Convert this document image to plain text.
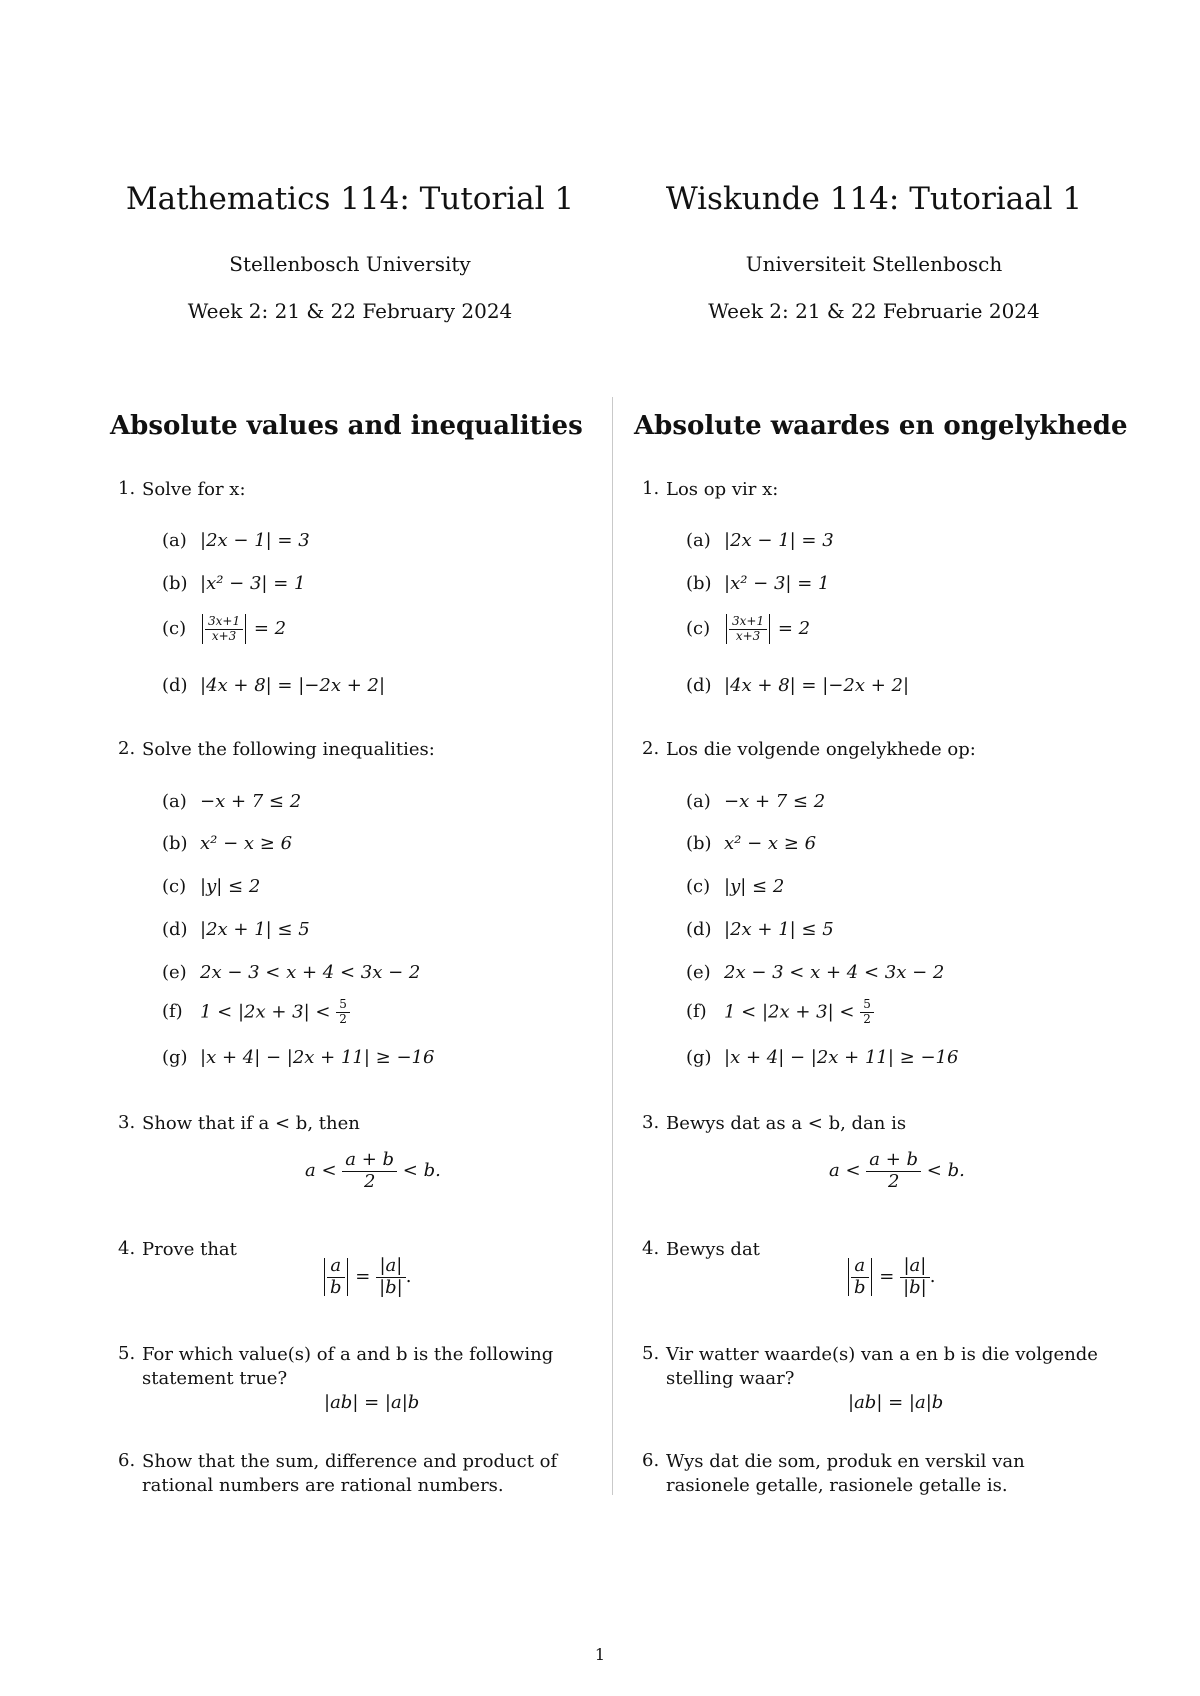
Mathematics 114: Tutorial 1
Stellenbosch University
Week 2: 21 & 22 February 2024
Absolute values and inequalities
1. Solve for x:
(a) |2x − 1| = 3
(b) |x² − 3| = 1
$(c) \frac{3x+1}{x+3} = 2$
(d) |4x + 8| = |−2x + 2|
2. Solve the following inequalities:
(a) −x + 7 ≤ 2
(b) x² − x ≥ 6
(c) |y| ≤ 2
(d) |2x + 1| ≤ 5
(e) 2x − 3 < x + 4 < 3x − 2
(f) $1 < |2x + 3| < \frac{5}{2}$
(g) |x + 4| − |2x + 11| ≥ −16
3. Show that if a < b, then
$a < \frac{a + b}{2} < b$.
4. Prove that
$\frac{a}{b} = \frac{|a|}{|b|}$ .
5. For which value(s) of a and b is the following statement true?
|ab| = |a|b
6. Show that the sum, difference and product of rational numbers are rational numbers.
Wiskunde 114: Tutoriaal 1
Universiteit Stellenbosch
Week 2: 21 & 22 Februarie 2024
Absolute waardes en ongelykhede
1. Los op vir x:
(a) |2x − 1| = 3
(b) |x² − 3| = 1
$(c) \frac{3x+1}{x+3} = 2$
(d) |4x + 8| = |−2x + 2|
2. Los die volgende ongelykhede op:
(a) −x + 7 ≤ 2
(b) x² − x ≥ 6
(c) |y| ≤ 2
(d) |2x + 1| ≤ 5
(e) 2x − 3 < x + 4 < 3x − 2
(f) $1 < |2x + 3| < \frac{5}{2}$
(g) |x + 4| − |2x + 11| ≥ −16
3. Bewys dat as a < b, dan is
$a < \frac{a + b}{2} < b$.
4. Bewys dat
$\frac{a}{b} = \frac{|a|}{|b|}$ .
5. Vir watter waarde(s) van a en b is die volgende stelling waar?
|ab| = |a|b
6. Wys dat die som, produk en verskil van rasionele getalle, rasionele getalle is.
1
